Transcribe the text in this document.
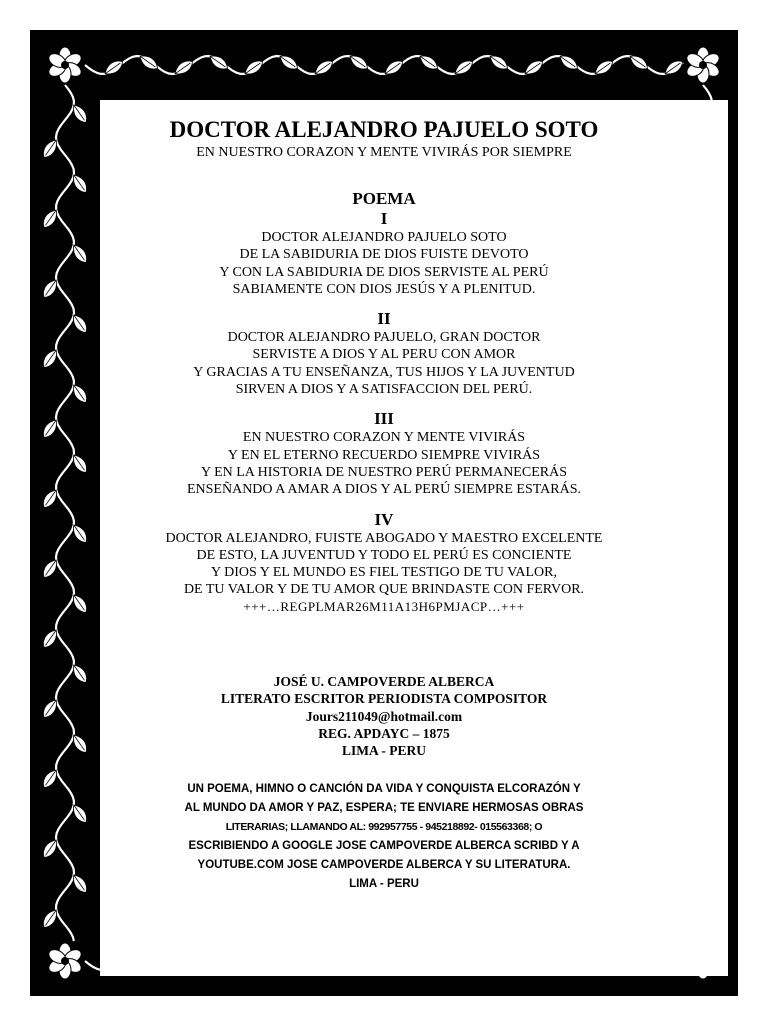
DOCTOR ALEJANDRO PAJUELO SOTO
EN NUESTRO CORAZON Y MENTE VIVIRÁS POR SIEMPRE
POEMA
I
DOCTOR ALEJANDRO PAJUELO SOTO
DE LA SABIDURIA DE DIOS FUISTE DEVOTO
Y CON LA SABIDURIA DE DIOS SERVISTE AL PERÚ
SABIAMENTE CON DIOS JESÚS Y A PLENITUD.
II
DOCTOR ALEJANDRO PAJUELO, GRAN DOCTOR
SERVISTE A DIOS Y AL PERU CON AMOR
Y GRACIAS A TU ENSEÑANZA, TUS HIJOS Y LA JUVENTUD
SIRVEN A DIOS Y A SATISFACCION DEL PERÚ.
III
EN NUESTRO CORAZON Y MENTE VIVIRÁS
Y EN EL ETERNO RECUERDO SIEMPRE VIVIRÁS
Y EN LA HISTORIA DE NUESTRO PERÚ PERMANECERÁS
ENSEÑANDO A AMAR A DIOS Y AL PERÚ SIEMPRE ESTARÁS.
IV
DOCTOR ALEJANDRO, FUISTE ABOGADO Y MAESTRO EXCELENTE
DE ESTO, LA JUVENTUD Y TODO EL PERÚ ES CONCIENTE
Y DIOS Y EL MUNDO ES FIEL TESTIGO DE TU VALOR,
DE TU VALOR Y DE TU AMOR QUE BRINDASTE CON FERVOR.
+++…REGPLMAR26M11A13H6PMJACP…+++
JOSÉ U. CAMPOVERDE ALBERCA
LITERATO ESCRITOR PERIODISTA COMPOSITOR
Jours211049@hotmail.com
REG. APDAYC – 1875
LIMA - PERU
UN POEMA, HIMNO O CANCIÓN DA VIDA Y CONQUISTA ELCORAZÓN Y
AL MUNDO DA AMOR Y PAZ, ESPERA; TE ENVIARE HERMOSAS OBRAS
LITERARIAS; LLAMANDO AL: 992957755 - 945218892- 015563368; O
ESCRIBIENDO A GOOGLE JOSE CAMPOVERDE ALBERCA SCRIBD Y A
YOUTUBE.COM JOSE CAMPOVERDE ALBERCA Y SU LITERATURA.
LIMA - PERU
